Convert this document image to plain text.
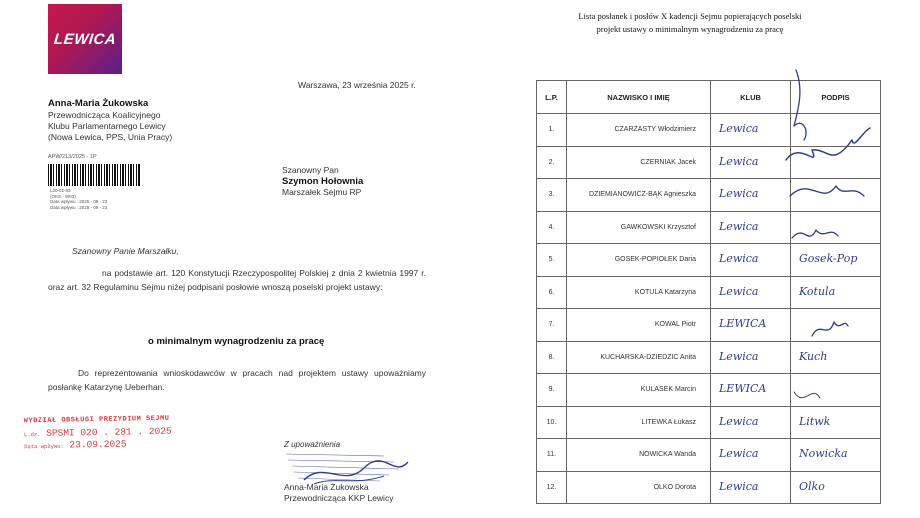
LEWICA
Warszawa, 23 września 2025 r.
Anna-Maria Żukowska
Przewodnicząca Koalicyjnego
Klubu Parlamentarnego Lewicy
(Nowa Lewica, PPS, Unia Pracy)
APW/213/2025 - 1P
L20-02-83
(OKS - W03)
Data wpływu : 2025 - 09 - 23
Data wpływu : 2025 - 09 - 23
Szanowny Pan
Szymon Hołownia
Marszałek Sejmu RP
Szanowny Panie Marszałku,
na podstawie art. 120 Konstytucji Rzeczypospolitej Polskiej z dnia 2 kwietnia 1997 r. oraz art. 32 Regulaminu Sejmu niżej podpisani posłowie wnoszą poselski projekt ustawy:
o minimalnym wynagrodzeniu za pracę
Do reprezentowania wnioskodawców w pracach nad projektem ustawy upoważniamy posłankę Katarzynę Ueberhan.
WYDZIAŁ OBSŁUGI PREZYDIUM SEJMU
L.dz. SPSMI 020 . 281 . 2025
Data wpływu: 23.09.2025	Z upoważnienia
Anna-Maria Żukowska
Przewodnicząca KKP Lewicy
Lista posłanek i posłów X kadencji Sejmu popierających poselski
projekt ustawy o minimalnym wynagrodzeniu za pracę
L.P.	NAZWISKO I IMIĘ	KLUB	PODPIS
1.	CZARZASTY Włodzimierz	Lewica	

2.	CZERNIAK Jacek	Lewica	

3.	DZIEMIANOWICZ-BĄK Agnieszka	Lewica	

4.	GAWKOWSKI Krzysztof	Lewica	

5.	GOSEK-POPIOŁEK Daria	Lewica	Gosek-Pop

6.	KOTULA Katarzyna	Lewica	Kotula

7.	KOWAL Piotr	LEWICA	

8.	KUCHARSKA-DZIEDZIC Anita	Lewica	Kuch

9.	KULASEK Marcin	LEWICA	

10.	LITEWKA Łukasz	Lewica	Litwk

11.	NOWICKA Wanda	Lewica	Nowicka

12.	OLKO Dorota	Lewica	Olko
